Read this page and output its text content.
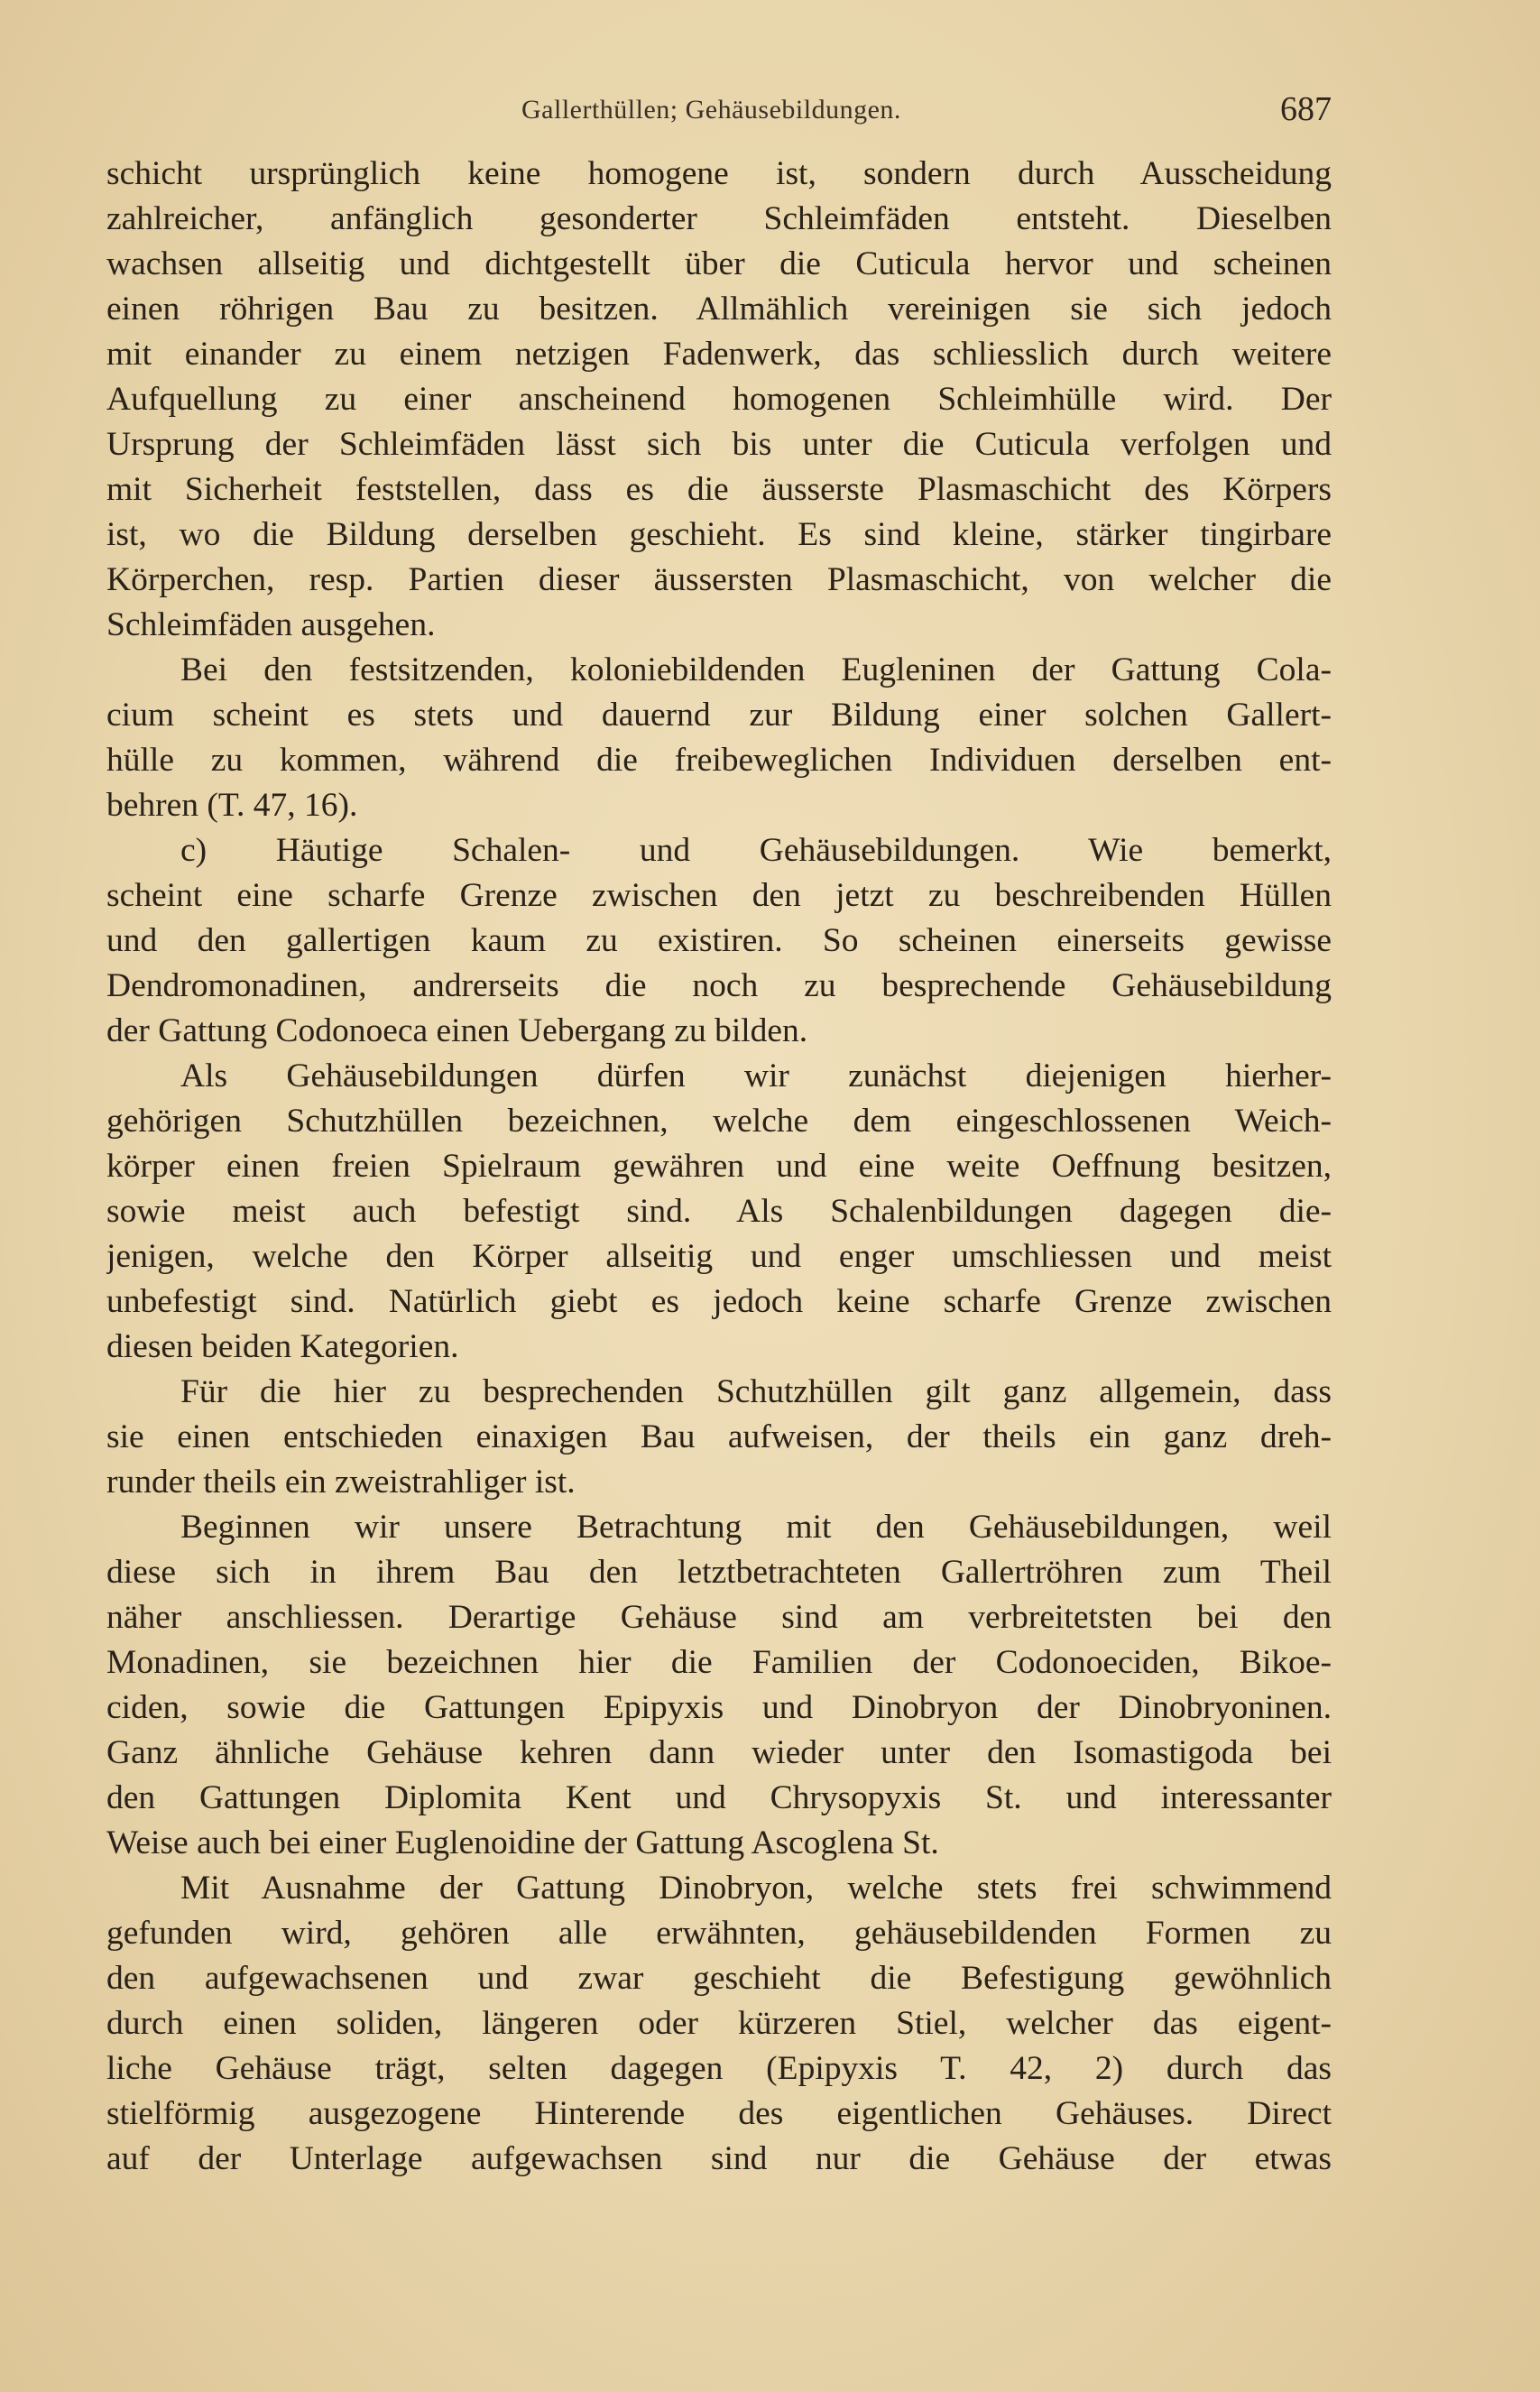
Gallerthüllen; Gehäusebildungen.	687
schicht ursprünglich keine homogene ist, sondern durch Ausscheidung
zahlreicher, anfänglich gesonderter Schleimfäden entsteht. Dieselben
wachsen allseitig und dichtgestellt über die Cuticula hervor und scheinen
einen röhrigen Bau zu besitzen. Allmählich vereinigen sie sich jedoch
mit einander zu einem netzigen Fadenwerk, das schliesslich durch weitere
Aufquellung zu einer anscheinend homogenen Schleimhülle wird. Der
Ursprung der Schleimfäden lässt sich bis unter die Cuticula verfolgen und
mit Sicherheit feststellen, dass es die äusserste Plasmaschicht des Körpers
ist, wo die Bildung derselben geschieht. Es sind kleine, stärker tingirbare
Körperchen, resp. Partien dieser äussersten Plasmaschicht, von welcher die
Schleimfäden ausgehen.
Bei den festsitzenden, koloniebildenden Eugleninen der Gattung Cola-
cium scheint es stets und dauernd zur Bildung einer solchen Gallert-
hülle zu kommen, während die freibeweglichen Individuen derselben ent-
behren (T. 47, 16).
c) Häutige Schalen- und Gehäusebildungen. Wie bemerkt,
scheint eine scharfe Grenze zwischen den jetzt zu beschreibenden Hüllen
und den gallertigen kaum zu existiren. So scheinen einerseits gewisse
Dendromonadinen, andrerseits die noch zu besprechende Gehäusebildung
der Gattung Codonoeca einen Uebergang zu bilden.
Als Gehäusebildungen dürfen wir zunächst diejenigen hierher-
gehörigen Schutzhüllen bezeichnen, welche dem eingeschlossenen Weich-
körper einen freien Spielraum gewähren und eine weite Oeffnung besitzen,
sowie meist auch befestigt sind. Als Schalenbildungen dagegen die-
jenigen, welche den Körper allseitig und enger umschliessen und meist
unbefestigt sind. Natürlich giebt es jedoch keine scharfe Grenze zwischen
diesen beiden Kategorien.
Für die hier zu besprechenden Schutzhüllen gilt ganz allgemein, dass
sie einen entschieden einaxigen Bau aufweisen, der theils ein ganz dreh-
runder theils ein zweistrahliger ist.
Beginnen wir unsere Betrachtung mit den Gehäusebildungen, weil
diese sich in ihrem Bau den letztbetrachteten Gallertröhren zum Theil
näher anschliessen. Derartige Gehäuse sind am verbreitetsten bei den
Monadinen, sie bezeichnen hier die Familien der Codonoeciden, Bikoe-
ciden, sowie die Gattungen Epipyxis und Dinobryon der Dinobryoninen.
Ganz ähnliche Gehäuse kehren dann wieder unter den Isomastigoda bei
den Gattungen Diplomita Kent und Chrysopyxis St. und interessanter
Weise auch bei einer Euglenoidine der Gattung Ascoglena St.
Mit Ausnahme der Gattung Dinobryon, welche stets frei schwimmend
gefunden wird, gehören alle erwähnten, gehäusebildenden Formen zu
den aufgewachsenen und zwar geschieht die Befestigung gewöhnlich
durch einen soliden, längeren oder kürzeren Stiel, welcher das eigent-
liche Gehäuse trägt, selten dagegen (Epipyxis T. 42, 2) durch das
stielförmig ausgezogene Hinterende des eigentlichen Gehäuses. Direct
auf der Unterlage aufgewachsen sind nur die Gehäuse der etwas
